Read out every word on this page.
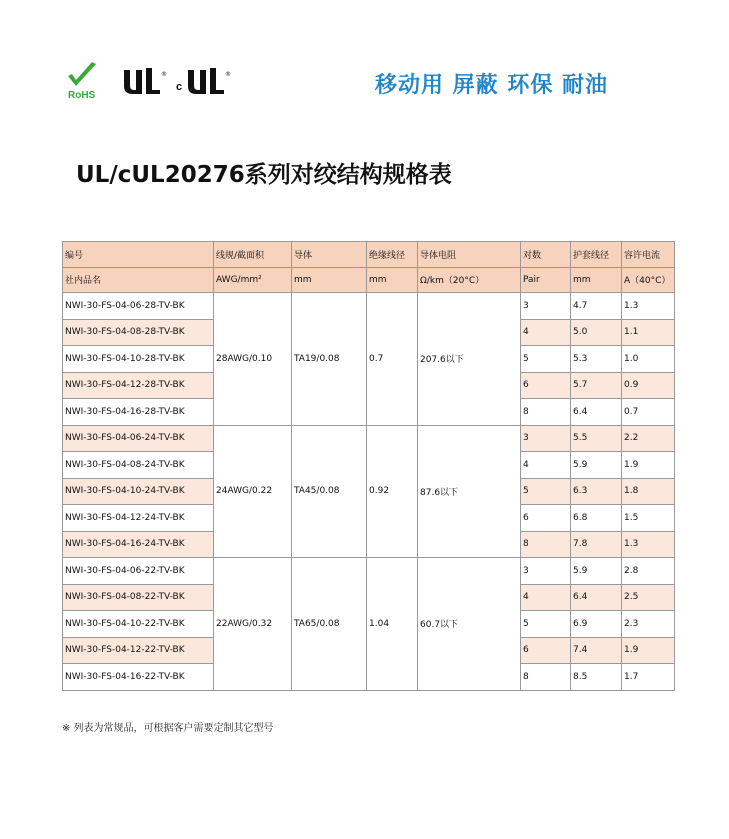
RoHS
®
c
®	移动用 屏蔽 环保 耐油
UL/cUL20276系列对绞结构规格表
编号	线规/截面积	导体	绝缘线径	导体电阻	对数	护套线径	容许电流
社内品名	AWG/mm²	mm	mm	Ω/km（20°C）	Pair	mm	A（40°C）
NWI-30-FS-04-06-28-TV-BK	28AWG/0.10	TA19/0.08	0.7	207.6以下	3	4.7	1.3
NWI-30-FS-04-08-28-TV-BK					4	5.0	1.1
NWI-30-FS-04-10-28-TV-BK					5	5.3	1.0
NWI-30-FS-04-12-28-TV-BK					6	5.7	0.9
NWI-30-FS-04-16-28-TV-BK					8	6.4	0.7
NWI-30-FS-04-06-24-TV-BK	24AWG/0.22	TA45/0.08	0.92	87.6以下	3	5.5	2.2
NWI-30-FS-04-08-24-TV-BK					4	5.9	1.9
NWI-30-FS-04-10-24-TV-BK					5	6.3	1.8
NWI-30-FS-04-12-24-TV-BK					6	6.8	1.5
NWI-30-FS-04-16-24-TV-BK					8	7.8	1.3
NWI-30-FS-04-06-22-TV-BK	22AWG/0.32	TA65/0.08	1.04	60.7以下	3	5.9	2.8
NWI-30-FS-04-08-22-TV-BK					4	6.4	2.5
NWI-30-FS-04-10-22-TV-BK					5	6.9	2.3
NWI-30-FS-04-12-22-TV-BK					6	7.4	1.9
NWI-30-FS-04-16-22-TV-BK					8	8.5	1.7
※ 列表为常规品，可根据客户需要定制其它型号
